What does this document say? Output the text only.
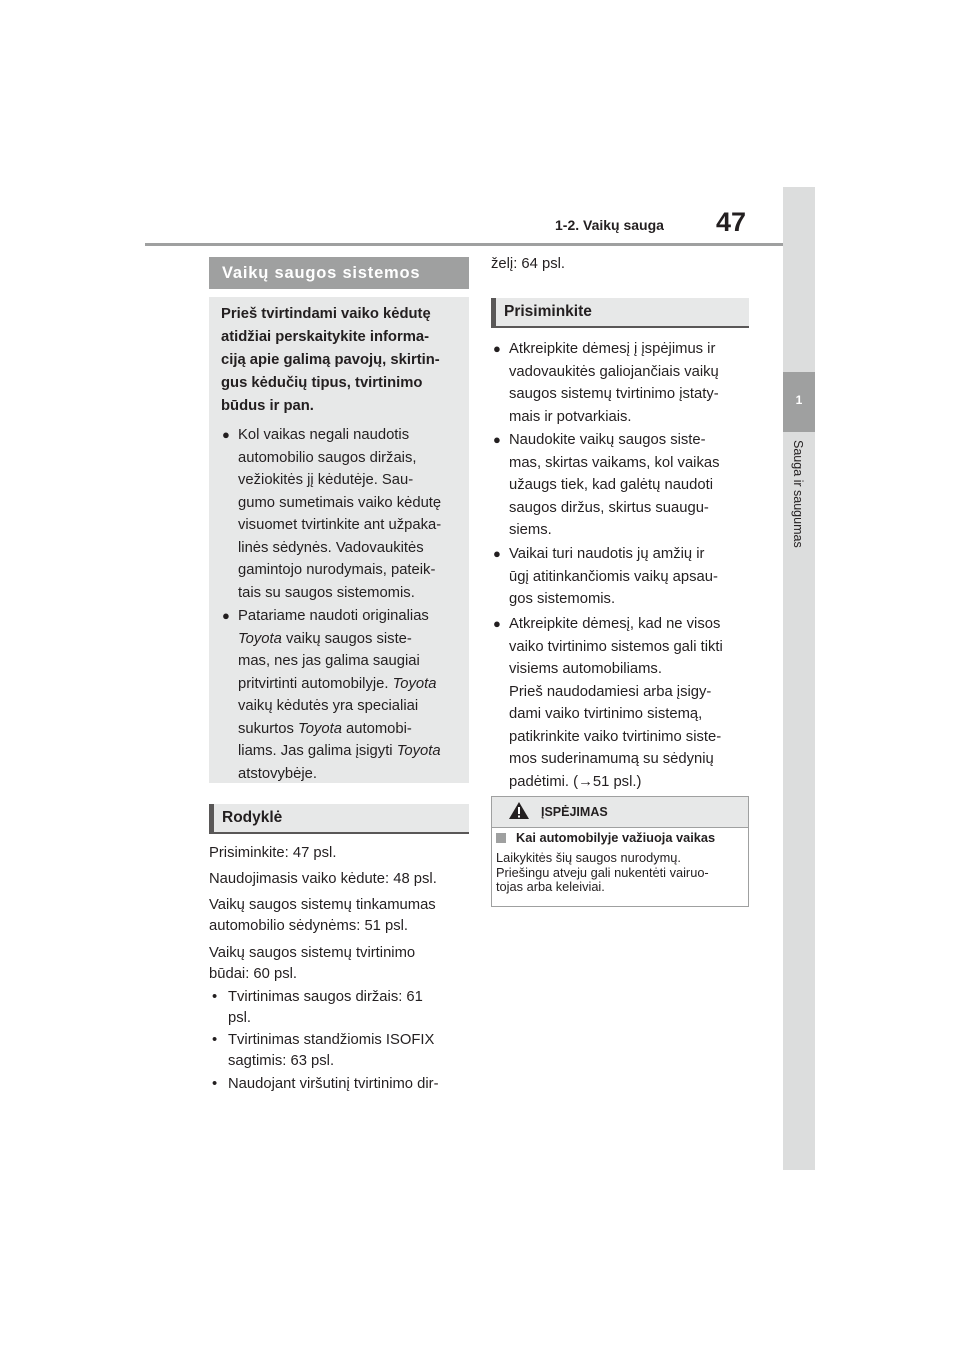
1-2. Vaikų sauga 47
1
Sauga ir saugumas
Vaikų saugos sistemos
Prieš tvirtindami vaiko kėdutę
atidžiai perskaitykite informa-
ciją apie galimą pavojų, skirtin-
gus kėdučių tipus, tvirtinimo
būdus ir pan.
● Kol vaikas negali naudotis
automobilio saugos diržais,
vežiokitės jį kėdutėje. Sau-
gumo sumetimais vaiko kėdutę
visuomet tvirtinkite ant užpaka-
linės sėdynės. Vadovaukitės
gamintojo nurodymais, pateik-
tais su saugos sistemomis.
● Patariame naudoti originalias
Toyota vaikų saugos siste-
mas, nes jas galima saugiai
pritvirtinti automobilyje. Toyota
vaikų kėdutės yra specialiai
sukurtos Toyota automobi-
liams. Jas galima įsigyti Toyota
atstovybėje.
Rodyklė
Prisiminkite: 47 psl.
Naudojimasis vaiko kėdute: 48 psl.
Vaikų saugos sistemų tinkamumas
automobilio sėdynėms: 51 psl.
Vaikų saugos sistemų tvirtinimo
būdai: 60 psl.
• Tvirtinimas saugos diržais: 61
psl.
• Tvirtinimas standžiomis ISOFIX
sagtimis: 63 psl.
• Naudojant viršutinį tvirtinimo dir-
želį: 64 psl.
Prisiminkite
● Atkreipkite dėmesį į įspėjimus ir
vadovaukitės galiojančiais vaikų
saugos sistemų tvirtinimo įstaty-
mais ir potvarkiais.
● Naudokite vaikų saugos siste-
mas, skirtas vaikams, kol vaikas
užaugs tiek, kad galėtų naudoti
saugos diržus, skirtus suaugu-
siems.
● Vaikai turi naudotis jų amžių ir
ūgį atitinkančiomis vaikų apsau-
gos sistemomis.
● Atkreipkite dėmesį, kad ne visos
vaiko tvirtinimo sistemos gali tikti
visiems automobiliams.
Prieš naudodamiesi arba įsigy-
dami vaiko tvirtinimo sistemą,
patikrinkite vaiko tvirtinimo siste-
mos suderinamumą su sėdynių
padėtimi. (→51 psl.)
ĮSPĖJIMAS
Kai automobilyje važiuoja vaikas
Laikykitės šių saugos nurodymų.
Priešingu atveju gali nukentėti vairuo-
tojas arba keleiviai.
